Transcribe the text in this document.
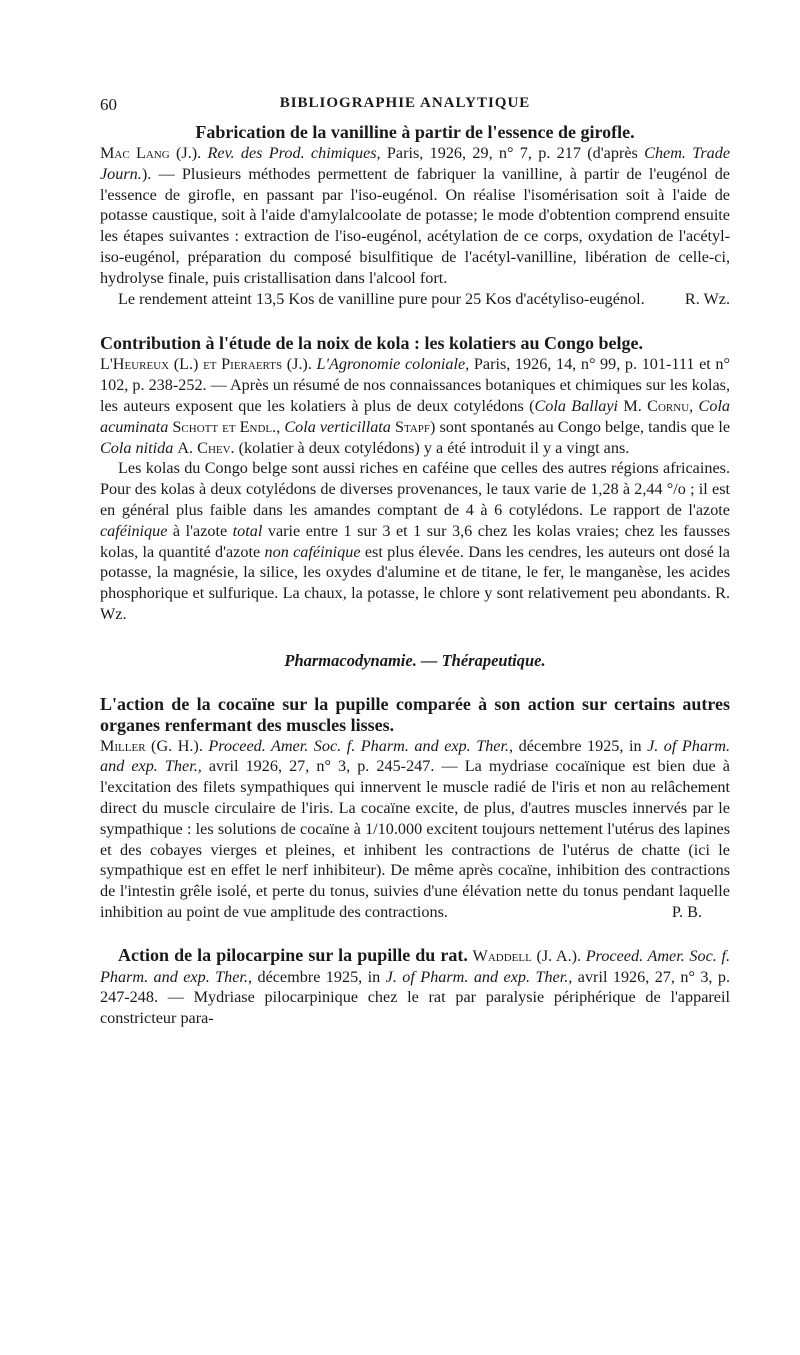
60	BIBLIOGRAPHIE ANALYTIQUE
Fabrication de la vanilline à partir de l'essence de girofle.

Mac Lang (J.). Rev. des Prod. chimiques, Paris, 1926, 29, n° 7, p. 217 (d'après Chem. Trade Journ.). — Plusieurs méthodes permettent de fabriquer la vanilline, à partir de l'eugénol de l'essence de girofle, en passant par l'iso-eugénol. On réalise l'isomérisation soit à l'aide de potasse caustique, soit à l'aide d'amylalcoolate de potasse; le mode d'obtention comprend ensuite les étapes suivantes : extraction de l'iso-eugénol, acétylation de ce corps, oxydation de l'acétyl-iso-eugénol, préparation du composé bisulfitique de l'acétyl-vanilline, libération de celle-ci, hydrolyse finale, puis cristallisation dans l'alcool fort.

Le rendement atteint 13,5 Kos de vanilline pure pour 25 Kos d'acétyliso-eugénol.	R. Wz.

Contribution à l'étude de la noix de kola : les kolatiers au Congo belge.

L'Heureux (L.) et Pieraerts (J.). L'Agronomie coloniale, Paris, 1926, 14, n° 99, p. 101-111 et n° 102, p. 238-252. — Après un résumé de nos connaissances botaniques et chimiques sur les kolas, les auteurs exposent que les kolatiers à plus de deux cotylédons (Cola Ballayi M. Cornu, Cola acuminata Schott et Endl., Cola verticillata Stapf) sont spontanés au Congo belge, tandis que le Cola nitida A. Chev. (kolatier à deux cotylédons) y a été introduit il y a vingt ans.

Les kolas du Congo belge sont aussi riches en caféine que celles des autres régions africaines. Pour des kolas à deux cotylédons de diverses provenances, le taux varie de 1,28 à 2,44 °/o ; il est en général plus faible dans les amandes comptant de 4 à 6 cotylédons. Le rapport de l'azote caféinique à l'azote total varie entre 1 sur 3 et 1 sur 3,6 chez les kolas vraies; chez les fausses kolas, la quantité d'azote non caféinique est plus élevée. Dans les cendres, les auteurs ont dosé la potasse, la magnésie, la silice, les oxydes d'alumine et de titane, le fer, le manganèse, les acides phosphorique et sulfurique. La chaux, la potasse, le chlore y sont relativement peu abondants. R. Wz.

Pharmacodynamie. — Thérapeutique.
L'action de la cocaïne sur la pupille comparée à son action sur certains autres organes renfermant des muscles lisses.

Miller (G. H.). Proceed. Amer. Soc. f. Pharm. and exp. Ther., décembre 1925, in J. of Pharm. and exp. Ther., avril 1926, 27, n° 3, p. 245-247. — La mydriase cocaïnique est bien due à l'excitation des filets sympathiques qui innervent le muscle radié de l'iris et non au relâchement direct du muscle circulaire de l'iris. La cocaïne excite, de plus, d'autres muscles innervés par le sympathique : les solutions de cocaïne à 1/10.000 excitent toujours nettement l'utérus des lapines et des cobayes vierges et pleines, et inhibent les contractions de l'utérus de chatte (ici le sympathique est en effet le nerf inhibiteur). De même après cocaïne, inhibition des contractions de l'intestin grêle isolé, et perte du tonus, suivies d'une élévation nette du tonus pendant laquelle inhibition au point de vue amplitude des contractions.	P. B.

Action de la pilocarpine sur la pupille du rat. Waddell (J. A.). Proceed. Amer. Soc. f. Pharm. and exp. Ther., décembre 1925, in J. of Pharm. and exp. Ther., avril 1926, 27, n° 3, p. 247-248. — Mydriase pilocarpinique chez le rat par paralysie périphérique de l'appareil constricteur para-
